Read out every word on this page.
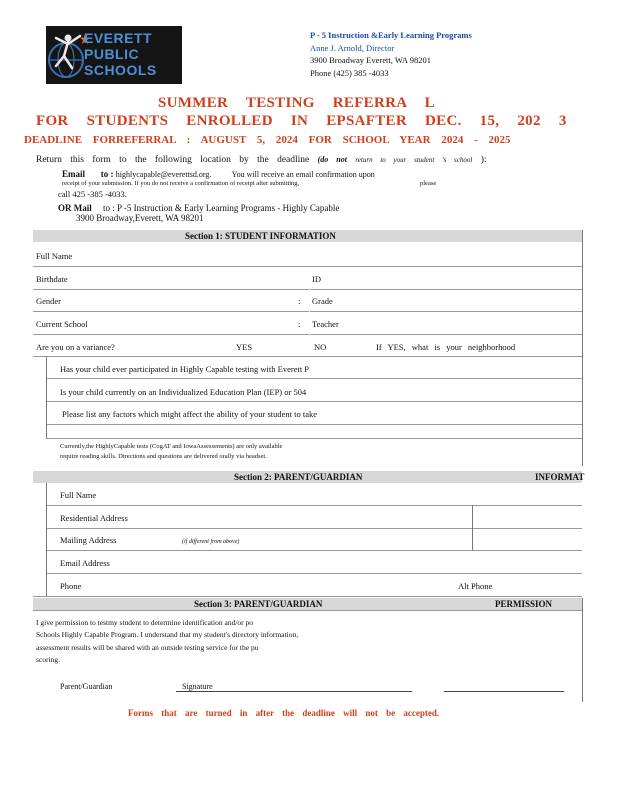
EVERETT
PUBLIC
SCHOOLS
P - 5 Instruction &Early Learning Programs
Anne J. Arnold, Director
3900 Broadway Everett, WA 98201
Phone (425) 385 -4033
SUMMER TESTING REFERRA L
FOR STUDENTS ENROLLED IN EPSAFTER DEC. 15, 202 3
DEADLINE FORREFERRAL : AUGUST 5, 2024 FOR SCHOOL YEAR 2024 - 2025
Return this form to the following location by the deadline (do not return to your student 's school ):
Email to : highlycapable@everettsd.org.	You will receive an email confirmation upon
receipt of your submission. If you do not receive a confirmation of receipt after submitting,	please
call 425 -385 -4033.
OR Mail to : P -5 Instruction & Early Learning Programs - Highly Capable
3900 Broadway,Everett, WA 98201
Section 1: STUDENT INFORMATION
Full Name
Birthdate	ID
Gender	: Grade
Current School	: Teacher
Are you on a variance?	YES	NO	If YES, what is your neighborhood
Has your child ever participated in Highly Capable testing with Everett P
Is your child currently on an Individualized Education Plan (IEP) or 504
Please list any factors which might affect the ability of your student to take
Currently,the HighlyCapable tests (CogAT and IowaAssessements) are only available
require reading skills. Directions and questions are delivered orally via headset.
Section 2: PARENT/GUARDIAN	INFORMAT
Full Name
Residential Address
Mailing Address	(if different from above)
Email Address
Phone	Alt Phone
Section 3: PARENT/GUARDIAN	PERMISSION
I give permission to testmy student to determine identification and/or po
Schools Highly Capable Program. I understand that my student's directory information,
assessment results will be shared with an outside testing service for the pu
scoring.
Parent/Guardian	Signature
Forms that are turned in after the deadline will not be accepted.
